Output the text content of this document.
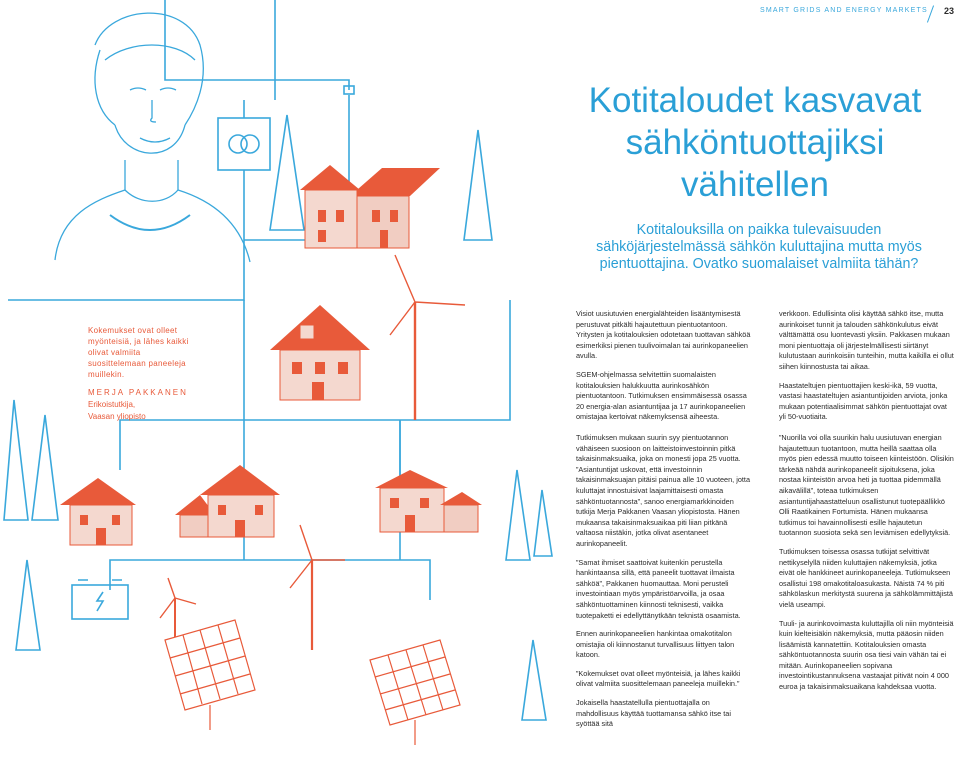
SMART GRIDS AND ENERGY MARKETS 23
Kotitaloudet kasvavat
sähköntuottajiksi
vähitellen
Kotitalouksilla on paikka tulevaisuuden sähköjärjestelmässä sähkön kuluttajina mutta myös pientuottajina. Ovatko suomalaiset valmiita tähän?
Kokemukset ovat olleet myönteisiä, ja lähes kaikki olivat valmiita suosittelemaan paneeleja muillekin.
MERJA PAKKANEN
Erikoistutkija,
Vaasan yliopisto

Visiot uusiutuvien energialähteiden lisääntymisestä perustuvat pitkälti hajautettuun pientuotantoon. Yritysten ja kotitalouksien odotetaan tuottavan sähköä esimerkiksi pienen tuulivoimalan tai aurinkopaneelien avulla.

SGEM-ohjelmassa selvitettiin suomalaisten kotitalouksien halukkuutta aurinkosähkön pientuotantoon. Tutkimuksen ensimmäisessä osassa 20 energia-alan asiantuntijaa ja 17 aurinkopaneelien omistajaa kertoivat näkemyksensä aiheesta.

Tutkimuksen mukaan suurin syy pientuotannon vähäiseen suosioon on laitteistoinvestoinnin pitkä takaisinmaksuaika, joka on monesti jopa 25 vuotta. ”Asiantuntijat uskovat, että investoinnin takaisinmaksuajan pitäisi painua alle 10 vuoteen, jotta kuluttajat innostuisivat laajamittaisesti omasta sähköntuotannosta”, sanoo energiamarkkinoiden tutkija Merja Pakkanen Vaasan yliopistosta. Hänen mukaansa takaisinmaksuaikaa piti liian pitkänä valtaosa niistäkin, jotka olivat asentaneet aurinkopaneelit.

”Samat ihmiset saattoivat kuitenkin perustella hankintaansa sillä, että paneelit tuottavat ilmaista sähköä”, Pakkanen huomauttaa. Moni perusteli investointiaan myös ympäristöarvoilla, ja osaa sähköntuottaminen kiinnosti teknisesti, vaikka tuotepaketti ei edellyttänytkään teknistä osaamista.

Ennen aurinkopaneelien hankintaa omakotitalon omistajia oli kiinnostanut turvallisuus liittyen talon katoon.

”Kokemukset ovat olleet myönteisiä, ja lähes kaikki olivat valmiita suosittelemaan paneeleja muillekin.”

Jokaisella haastatellulla pientuottajalla on mahdollisuus käyttää tuottamansa sähkö itse tai syöttää sitä

verkkoon. Edullisinta olisi käyttää sähkö itse, mutta aurinkoiset tunnit ja talouden sähkönkulutus eivät välttämättä osu luontevasti yksiin. Pakkasen mukaan moni pientuottaja oli järjestelmällisesti siirtänyt kulutustaan aurinkoisiin tunteihin, mutta kaikilla ei ollut siihen kiinnostusta tai aikaa.

Haastateltujen pientuottajien keski-ikä, 59 vuotta, vastasi haastateltujen asiantuntijoiden arviota, jonka mukaan potentiaalisimmat sähkön pientuottajat ovat yli 50-vuotiaita.

”Nuorilla voi olla suurikin halu uusiutuvan energian hajautettuun tuotantoon, mutta heillä saattaa olla myös pien edessä muutto toiseen kiinteistöön. Olisikin tärkeää nähdä aurinkopaneelit sijoituksena, joka nostaa kiinteistön arvoa heti ja tuottaa pidemmällä aikavälillä”, toteaa tutkimuksen asiantuntijahaastatteluun osallistunut tuotepäällikkö Olli Raatikainen Fortumista. Hänen mukaansa tutkimus toi havainnollisesti esille hajautetun tuotannon suosiota sekä sen leviämisen edellytyksiä.

Tutkimuksen toisessa osassa tutkijat selvittivät nettikyselyllä niiden kuluttajien näkemyksiä, jotka eivät ole hankkineet aurinkopaneeleja. Tutkimukseen osallistui 198 omakotitaloasukasta. Näistä 74 % piti sähkölaskun merkitystä suurena ja sähkölämmittäjistä vielä useampi.

Tuuli- ja aurinkovoimasta kuluttajilla oli niin myönteisiä kuin kielteisiäkin näkemyksiä, mutta pääosin niiden lisäämistä kannatettiin. Kotitalouksien omasta sähköntuotannosta suurin osa tiesi vain vähän tai ei mitään. Aurinkopaneelien sopivana investointikustannuksena vastaajat pitivät noin 4 000 euroa ja takaisinmaksuaikana kahdeksaa vuotta.
